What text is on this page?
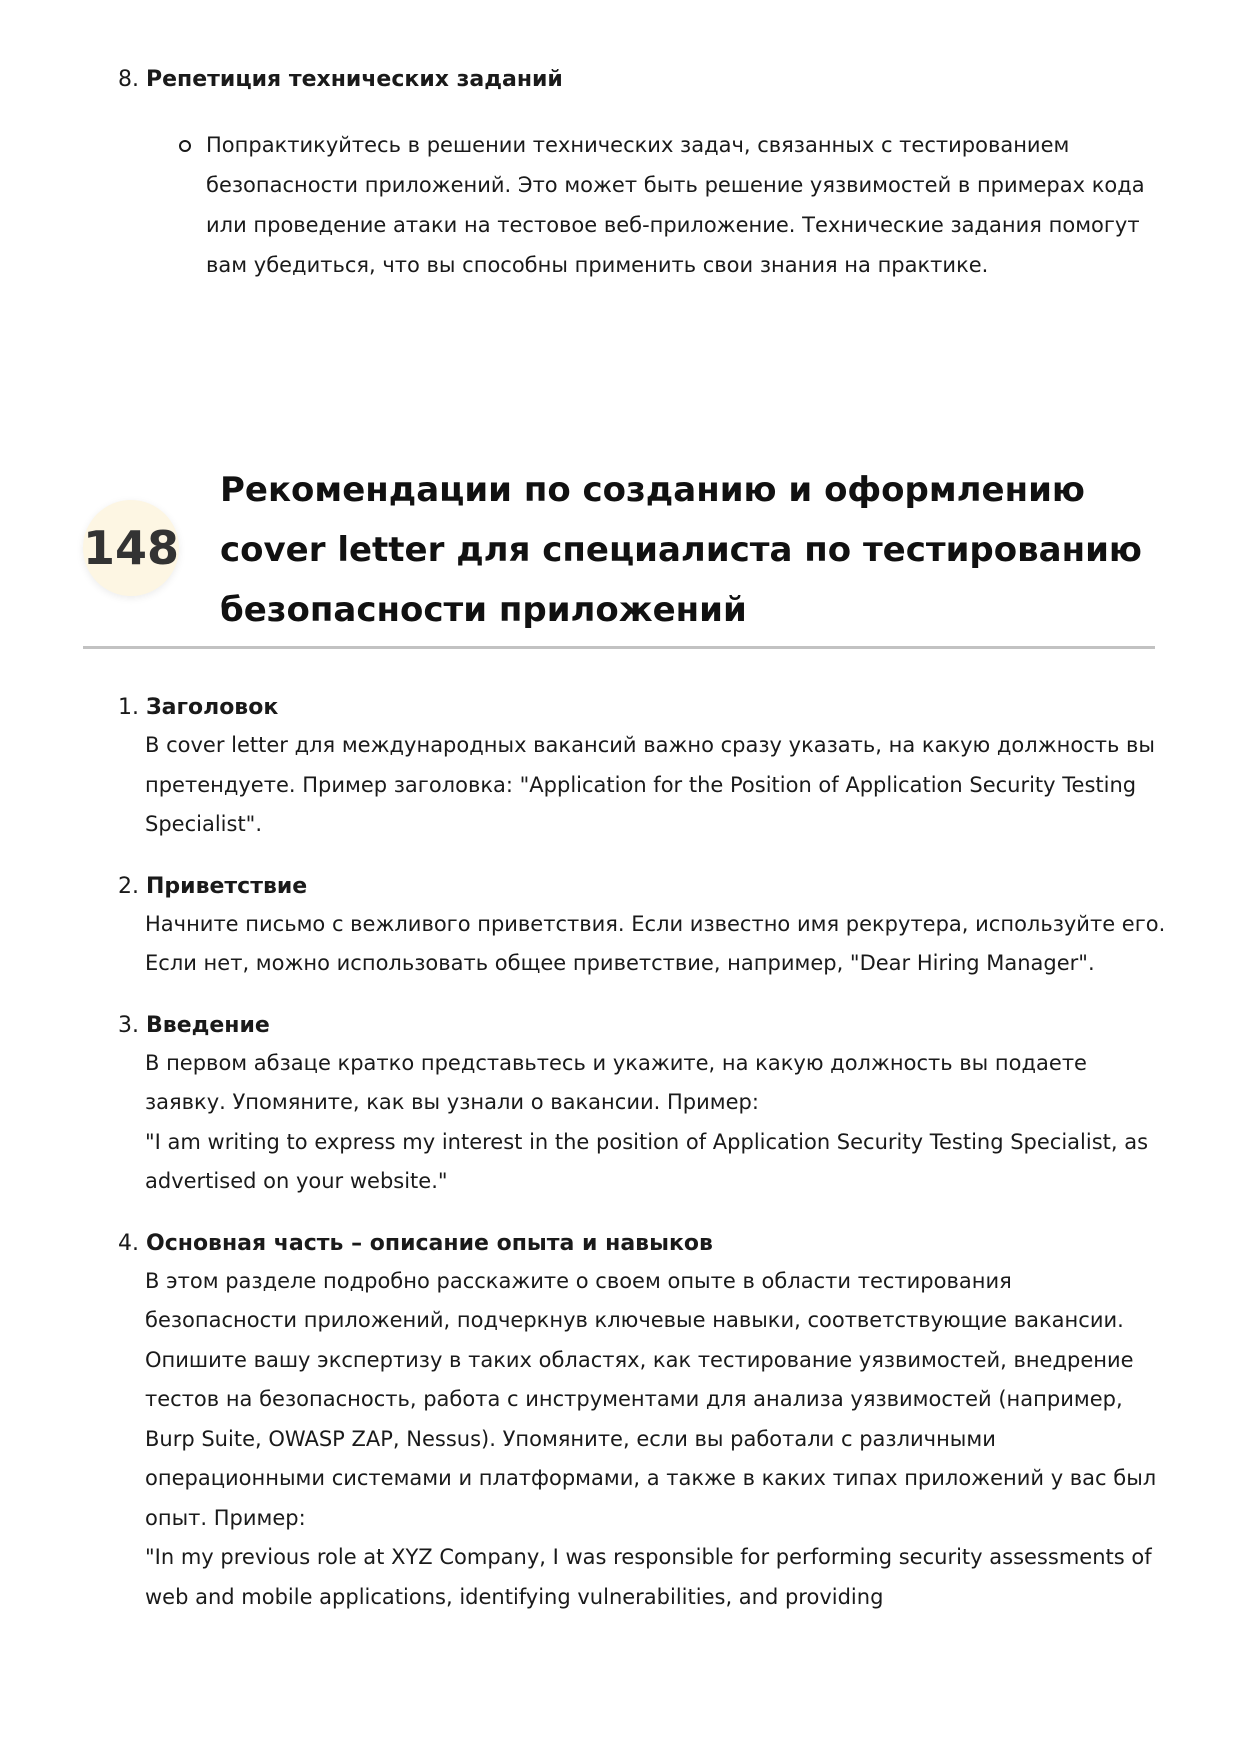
8. Репетиция технических заданий

Попрактикуйтесь в решении технических задач, связанных с тестированием безопасности приложений. Это может быть решение уязвимостей в примерах кода или проведение атаки на тестовое веб-приложение. Технические задания помогут вам убедиться, что вы способны применить свои знания на практике.
148
Рекомендации по созданию и оформлению cover letter для специалиста по тестированию безопасности приложений
1. Заголовок

В cover letter для международных вакансий важно сразу указать, на какую должность вы претендуете. Пример заголовка: "Application for the Position of Application Security Testing Specialist".

2. Приветствие

Начните письмо с вежливого приветствия. Если известно имя рекрутера, используйте его. Если нет, можно использовать общее приветствие, например, "Dear Hiring Manager".

3. Введение

В первом абзаце кратко представьтесь и укажите, на какую должность вы подаете заявку. Упомяните, как вы узнали о вакансии. Пример:

"I am writing to express my interest in the position of Application Security Testing Specialist, as advertised on your website."

4. Основная часть – описание опыта и навыков

В этом разделе подробно расскажите о своем опыте в области тестирования безопасности приложений, подчеркнув ключевые навыки, соответствующие вакансии. Опишите вашу экспертизу в таких областях, как тестирование уязвимостей, внедрение тестов на безопасность, работа с инструментами для анализа уязвимостей (например, Burp Suite, OWASP ZAP, Nessus). Упомяните, если вы работали с различными операционными системами и платформами, а также в каких типах приложений у вас был опыт. Пример:

"In my previous role at XYZ Company, I was responsible for performing security assessments of web and mobile applications, identifying vulnerabilities, and providing
